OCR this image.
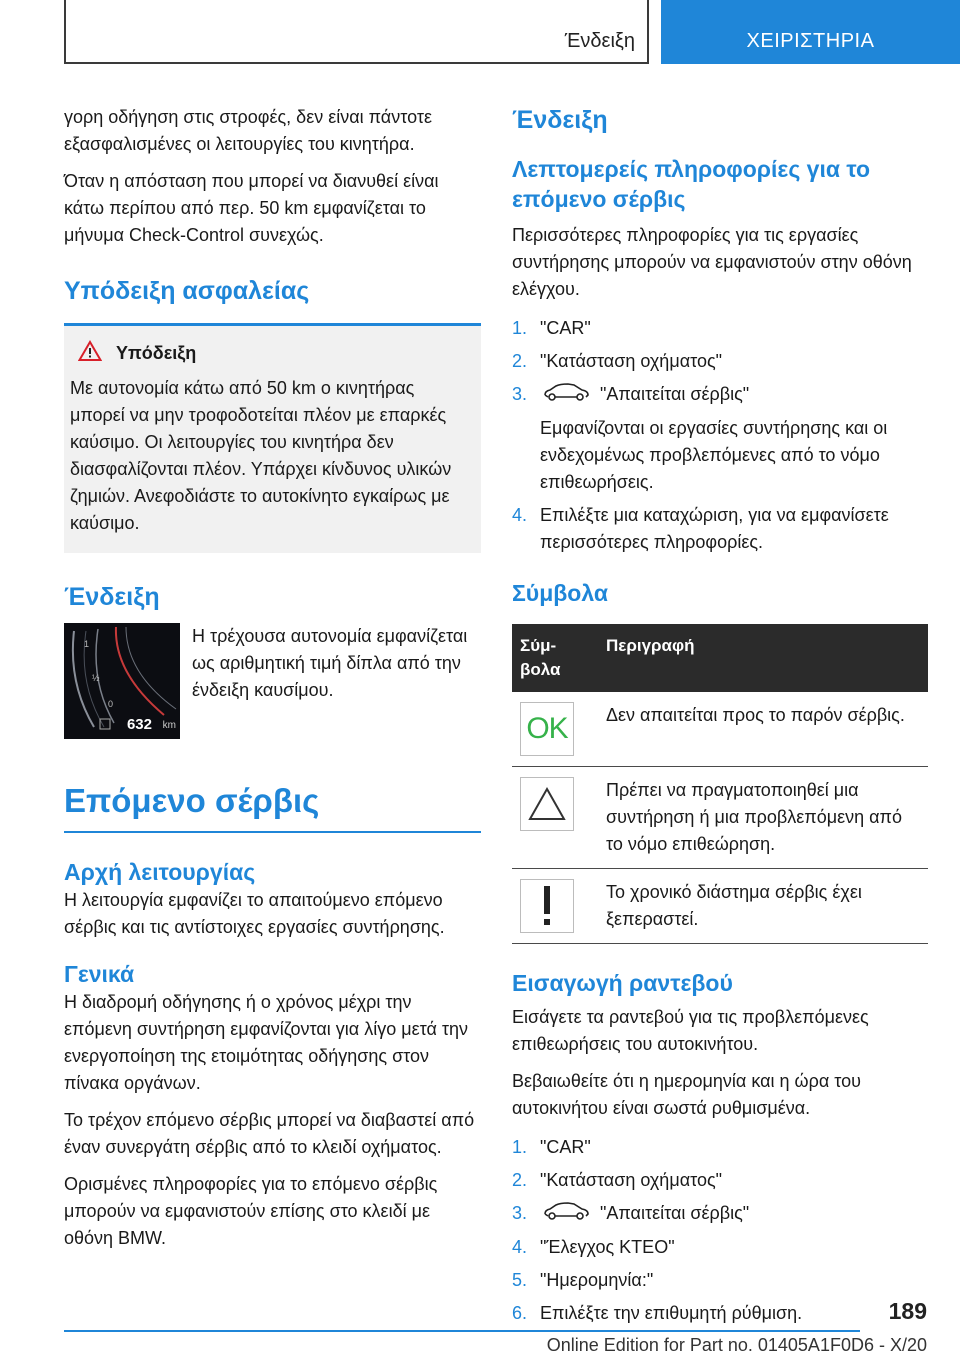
Ένδειξη	ΧΕΙΡΙΣΤΗΡΙΑ

γορη οδήγηση στις στροφές, δεν είναι πάντοτε εξασφαλισμένες οι λειτουργίες του κινητήρα.

Όταν η απόσταση που μπορεί να διανυθεί είναι κάτω περίπου από περ. 50 km εμφανίζεται το μήνυμα Check-Control συνεχώς.

Υπόδειξη ασφαλείας
Υπόδειξη

Με αυτονομία κάτω από 50 km ο κινητήρας μπορεί να μην τροφοδοτείται πλέον με επαρκές καύσιμο. Οι λειτουργίες του κινητήρα δεν διασφαλίζονται πλέον. Υπάρχει κίνδυνος υλικών ζημιών. Ανεφοδιάστε το αυτοκίνητο εγκαίρως με καύσιμο.

Ένδειξη
1
½
0
632 km

Η τρέχουσα αυτονομία εμφανίζεται ως αριθμητική τιμή δίπλα από την ένδειξη καυσίμου.

Επόμενο σέρβις
Αρχή λειτουργίας

Η λειτουργία εμφανίζει το απαιτούμενο επόμενο σέρβις και τις αντίστοιχες εργασίες συντήρησης.

Γενικά

Η διαδρομή οδήγησης ή ο χρόνος μέχρι την επόμενη συντήρηση εμφανίζονται για λίγο μετά την ενεργοποίηση της ετοιμότητας οδήγησης στον πίνακα οργάνων.

Το τρέχον επόμενο σέρβις μπορεί να διαβαστεί από έναν συνεργάτη σέρβις από το κλειδί οχήματος.

Ορισμένες πληροφορίες για το επόμενο σέρβις μπορούν να εμφανιστούν επίσης στο κλειδί με οθόνη BMW.

Ένδειξη
Λεπτομερείς πληροφορίες για το επόμενο σέρβις

Περισσότερες πληροφορίες για τις εργασίες συντήρησης μπορούν να εμφανιστούν στην οθόνη ελέγχου.

1. "CAR"
2. "Κατάσταση οχήματος"
3.	"Απαιτείται σέρβις"
Εμφανίζονται οι εργασίες συντήρησης και οι ενδεχομένως προβλεπόμενες από το νόμο επιθεωρήσεις.
4. Επιλέξτε μια καταχώριση, για να εμφανίσετε περισσότερες πληροφορίες.
Σύμβολα
Σύμ-βολα	Περιγραφή

OK	Δεν απαιτείται προς το παρόν σέρβις.

	Πρέπει να πραγματοποιηθεί μια συντήρηση ή μια προβλεπόμενη από το νόμο επιθεώρηση.

	Το χρονικό διάστημα σέρβις έχει ξεπεραστεί.
Εισαγωγή ραντεβού

Εισάγετε τα ραντεβού για τις προβλεπόμενες επιθεωρήσεις του αυτοκινήτου.

Βεβαιωθείτε ότι η ημερομηνία και η ώρα του αυτοκινήτου είναι σωστά ρυθμισμένα.

1. "CAR"
2. "Κατάσταση οχήματος"
3.	"Απαιτείται σέρβις"
4. "Έλεγχος ΚΤΕΟ"
5. "Ημερομηνία:"
6. Επιλέξτε την επιθυμητή ρύθμιση.	189
Online Edition for Part no. 01405A1F0D6 - X/20
